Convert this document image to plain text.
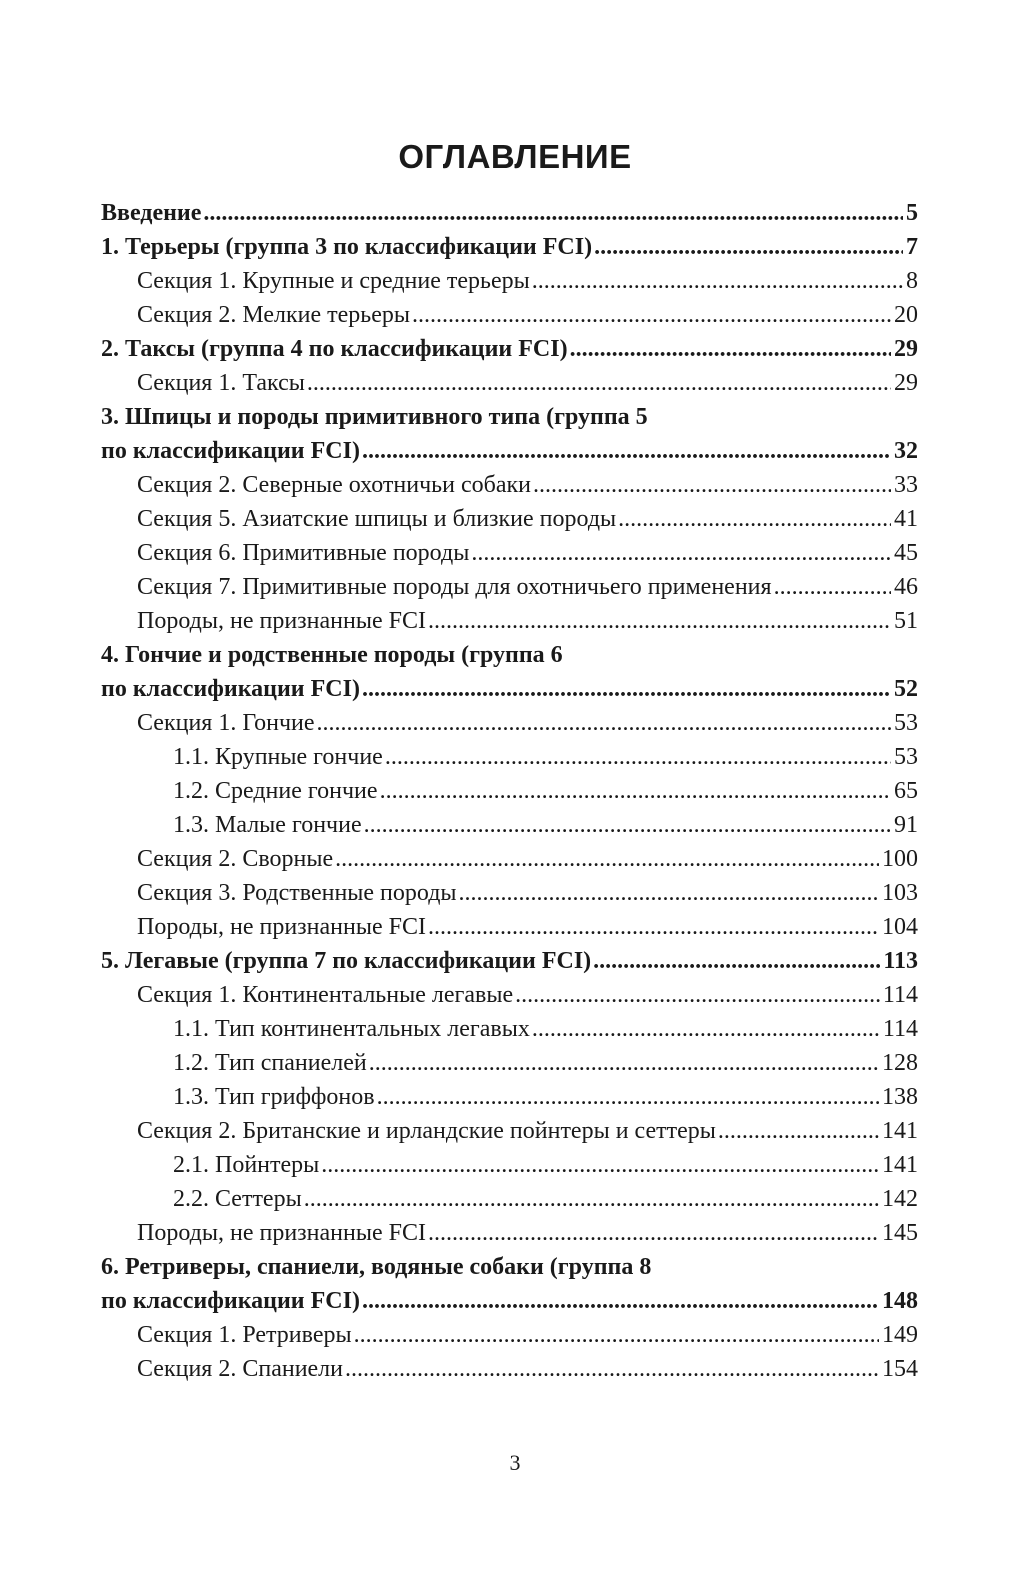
ОГЛАВЛЕНИЕ
Введение . . .	5
1. Терьеры (группа 3 по классификации FCI) . . .	7
Секция 1. Крупные и средние терьеры . . .	8
Секция 2. Мелкие терьеры . . .	20
2. Таксы (группа 4 по классификации FCI) . . .	29
Секция 1. Таксы . . .	29
3. Шпицы и породы примитивного типа (группа 5
по классификации FCI) . . .	32
Секция 2. Северные охотничьи собаки . . .	33
Секция 5. Азиатские шпицы и близкие породы . . .	41
Секция 6. Примитивные породы . . .	45
Секция 7. Примитивные породы для охотничьего применения . . .	46
Породы, не признанные FCI . . .	51
4. Гончие и родственные породы (группа 6
по классификации FCI) . . .	52
Секция 1. Гончие . . .	53
1.1. Крупные гончие . . .	53
1.2. Средние гончие . . .	65
1.3. Малые гончие . . .	91
Секция 2. Сворные . . .	100
Секция 3. Родственные породы . . .	103
Породы, не признанные FCI . . .	104
5. Легавые (группа 7 по классификации FCI) . . .	113
Секция 1. Континентальные легавые . . .	114
1.1. Тип континентальных легавых . . .	114
1.2. Тип спаниелей . . .	128
1.3. Тип гриффонов . . .	138
Секция 2. Британские и ирландские пойнтеры и сеттеры . . .	141
2.1. Пойнтеры . . .	141
2.2. Сеттеры . . .	142
Породы, не признанные FCI . . .	145
6. Ретриверы, спаниели, водяные собаки (группа 8
по классификации FCI) . . .	148
Секция 1. Ретриверы . . .	149
Секция 2. Спаниели . . .	154
3
